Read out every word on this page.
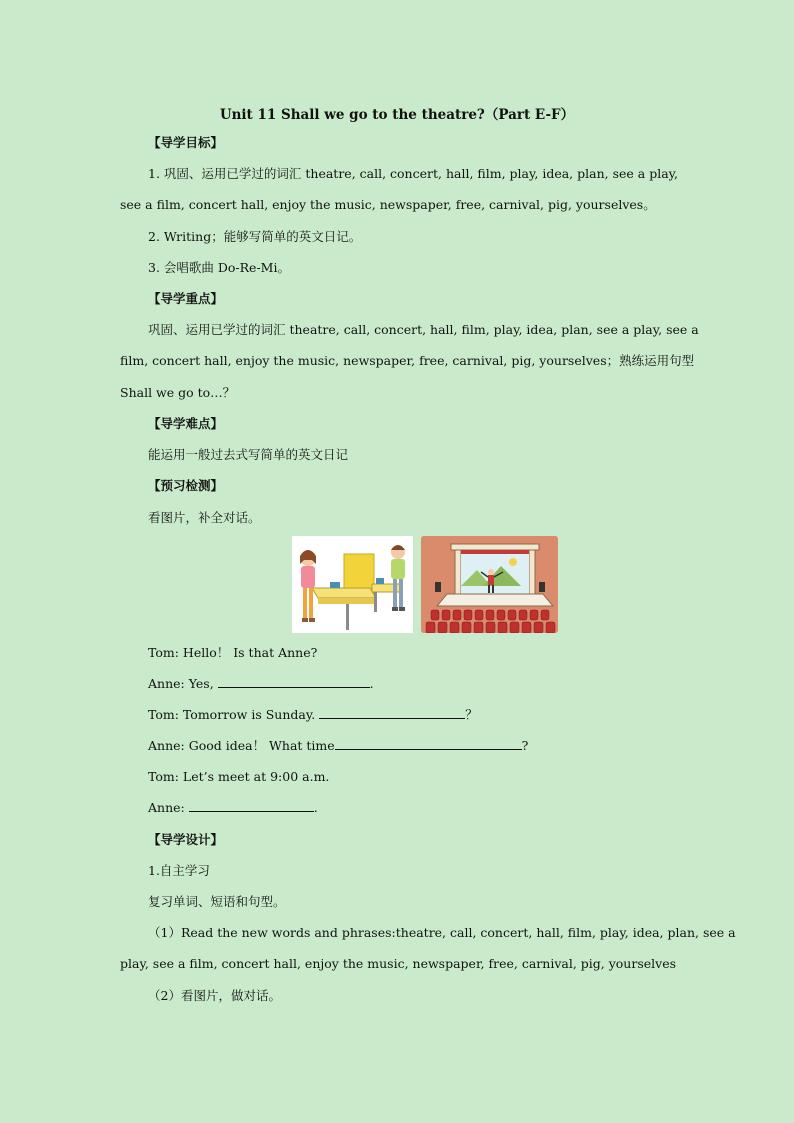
Unit 11 Shall we go to the theatre?（Part E-F）
【导学目标】
1. 巩固、运用已学过的词汇 theatre, call, concert, hall, film, play, idea, plan, see a play,
see a film, concert hall, enjoy the music, newspaper, free, carnival, pig, yourselves。
2. Writing；能够写简单的英文日记。
3. 会唱歌曲 Do-Re-Mi。
【导学重点】
巩固、运用已学过的词汇 theatre, call, concert, hall, film, play, idea, plan, see a play, see a
film, concert hall, enjoy the music, newspaper, free, carnival, pig, yourselves；熟练运用句型
Shall we go to…？
【导学难点】
能运用一般过去式写简单的英文日记
【预习检测】
看图片，补全对话。
Tom: Hello！ Is that Anne?
Anne: Yes,	.
Tom: Tomorrow is Sunday.	？
Anne: Good idea！ What time	?
Tom: Let’s meet at 9:00 a.m.
Anne:	.
【导学设计】
1.自主学习
复习单词、短语和句型。
（1）Read the new words and phrases:theatre, call, concert, hall, film, play, idea, plan, see a
play, see a film, concert hall, enjoy the music, newspaper, free, carnival, pig, yourselves
（2）看图片，做对话。
